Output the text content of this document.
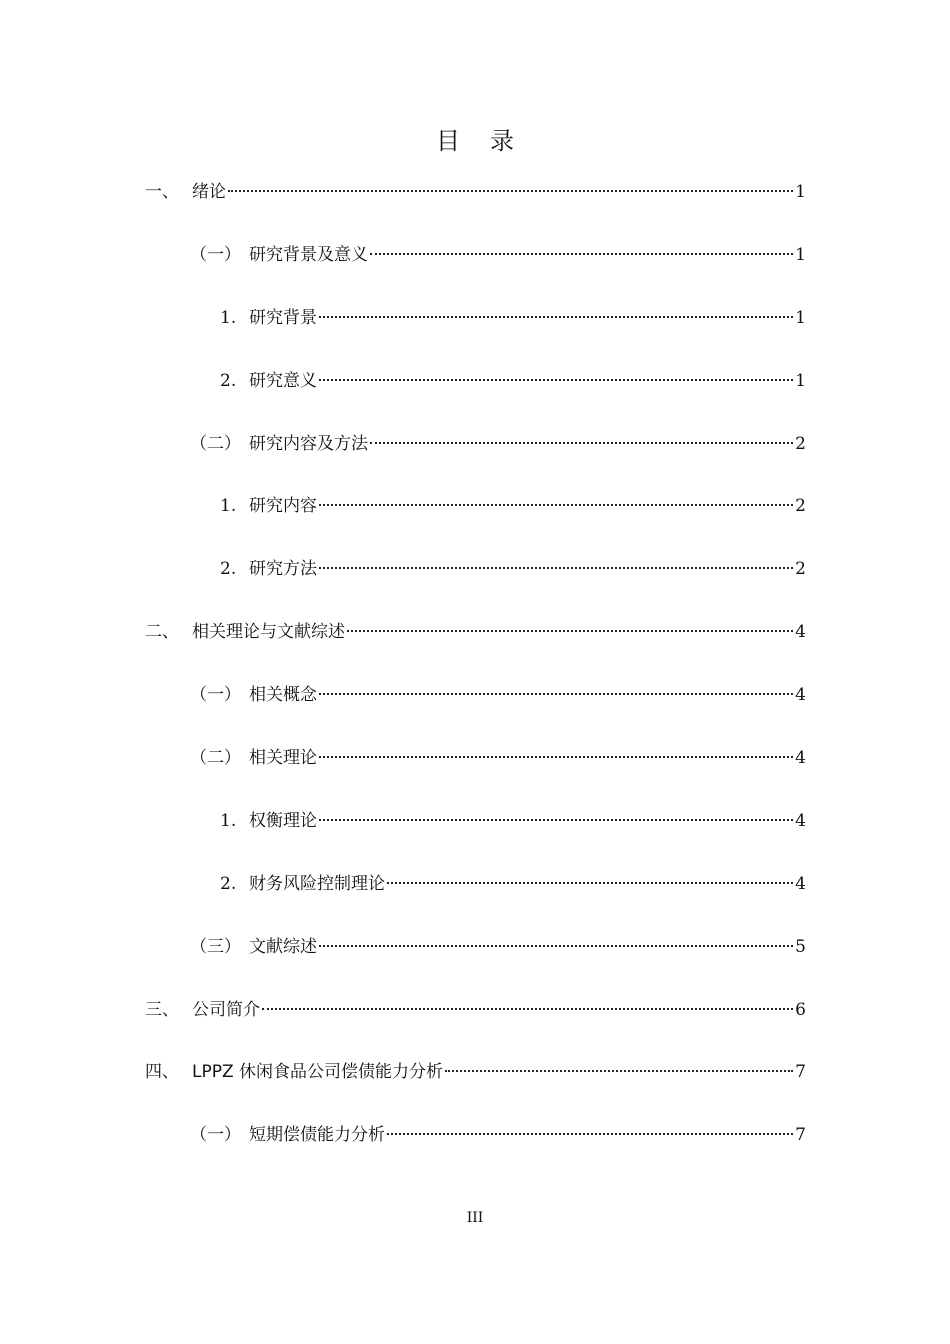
目录
一、 绪论	1
（一） 研究背景及意义	1
1. 研究背景	1
2. 研究意义	1
（二） 研究内容及方法	2
1. 研究内容	2
2. 研究方法	2
二、 相关理论与文献综述	4
（一） 相关概念	4
（二） 相关理论	4
1. 权衡理论	4
2. 财务风险控制理论	4
（三） 文献综述	5
三、 公司简介	6
四、 LPPZ 休闲食品公司偿债能力分析	7
（一） 短期偿债能力分析	7
III
